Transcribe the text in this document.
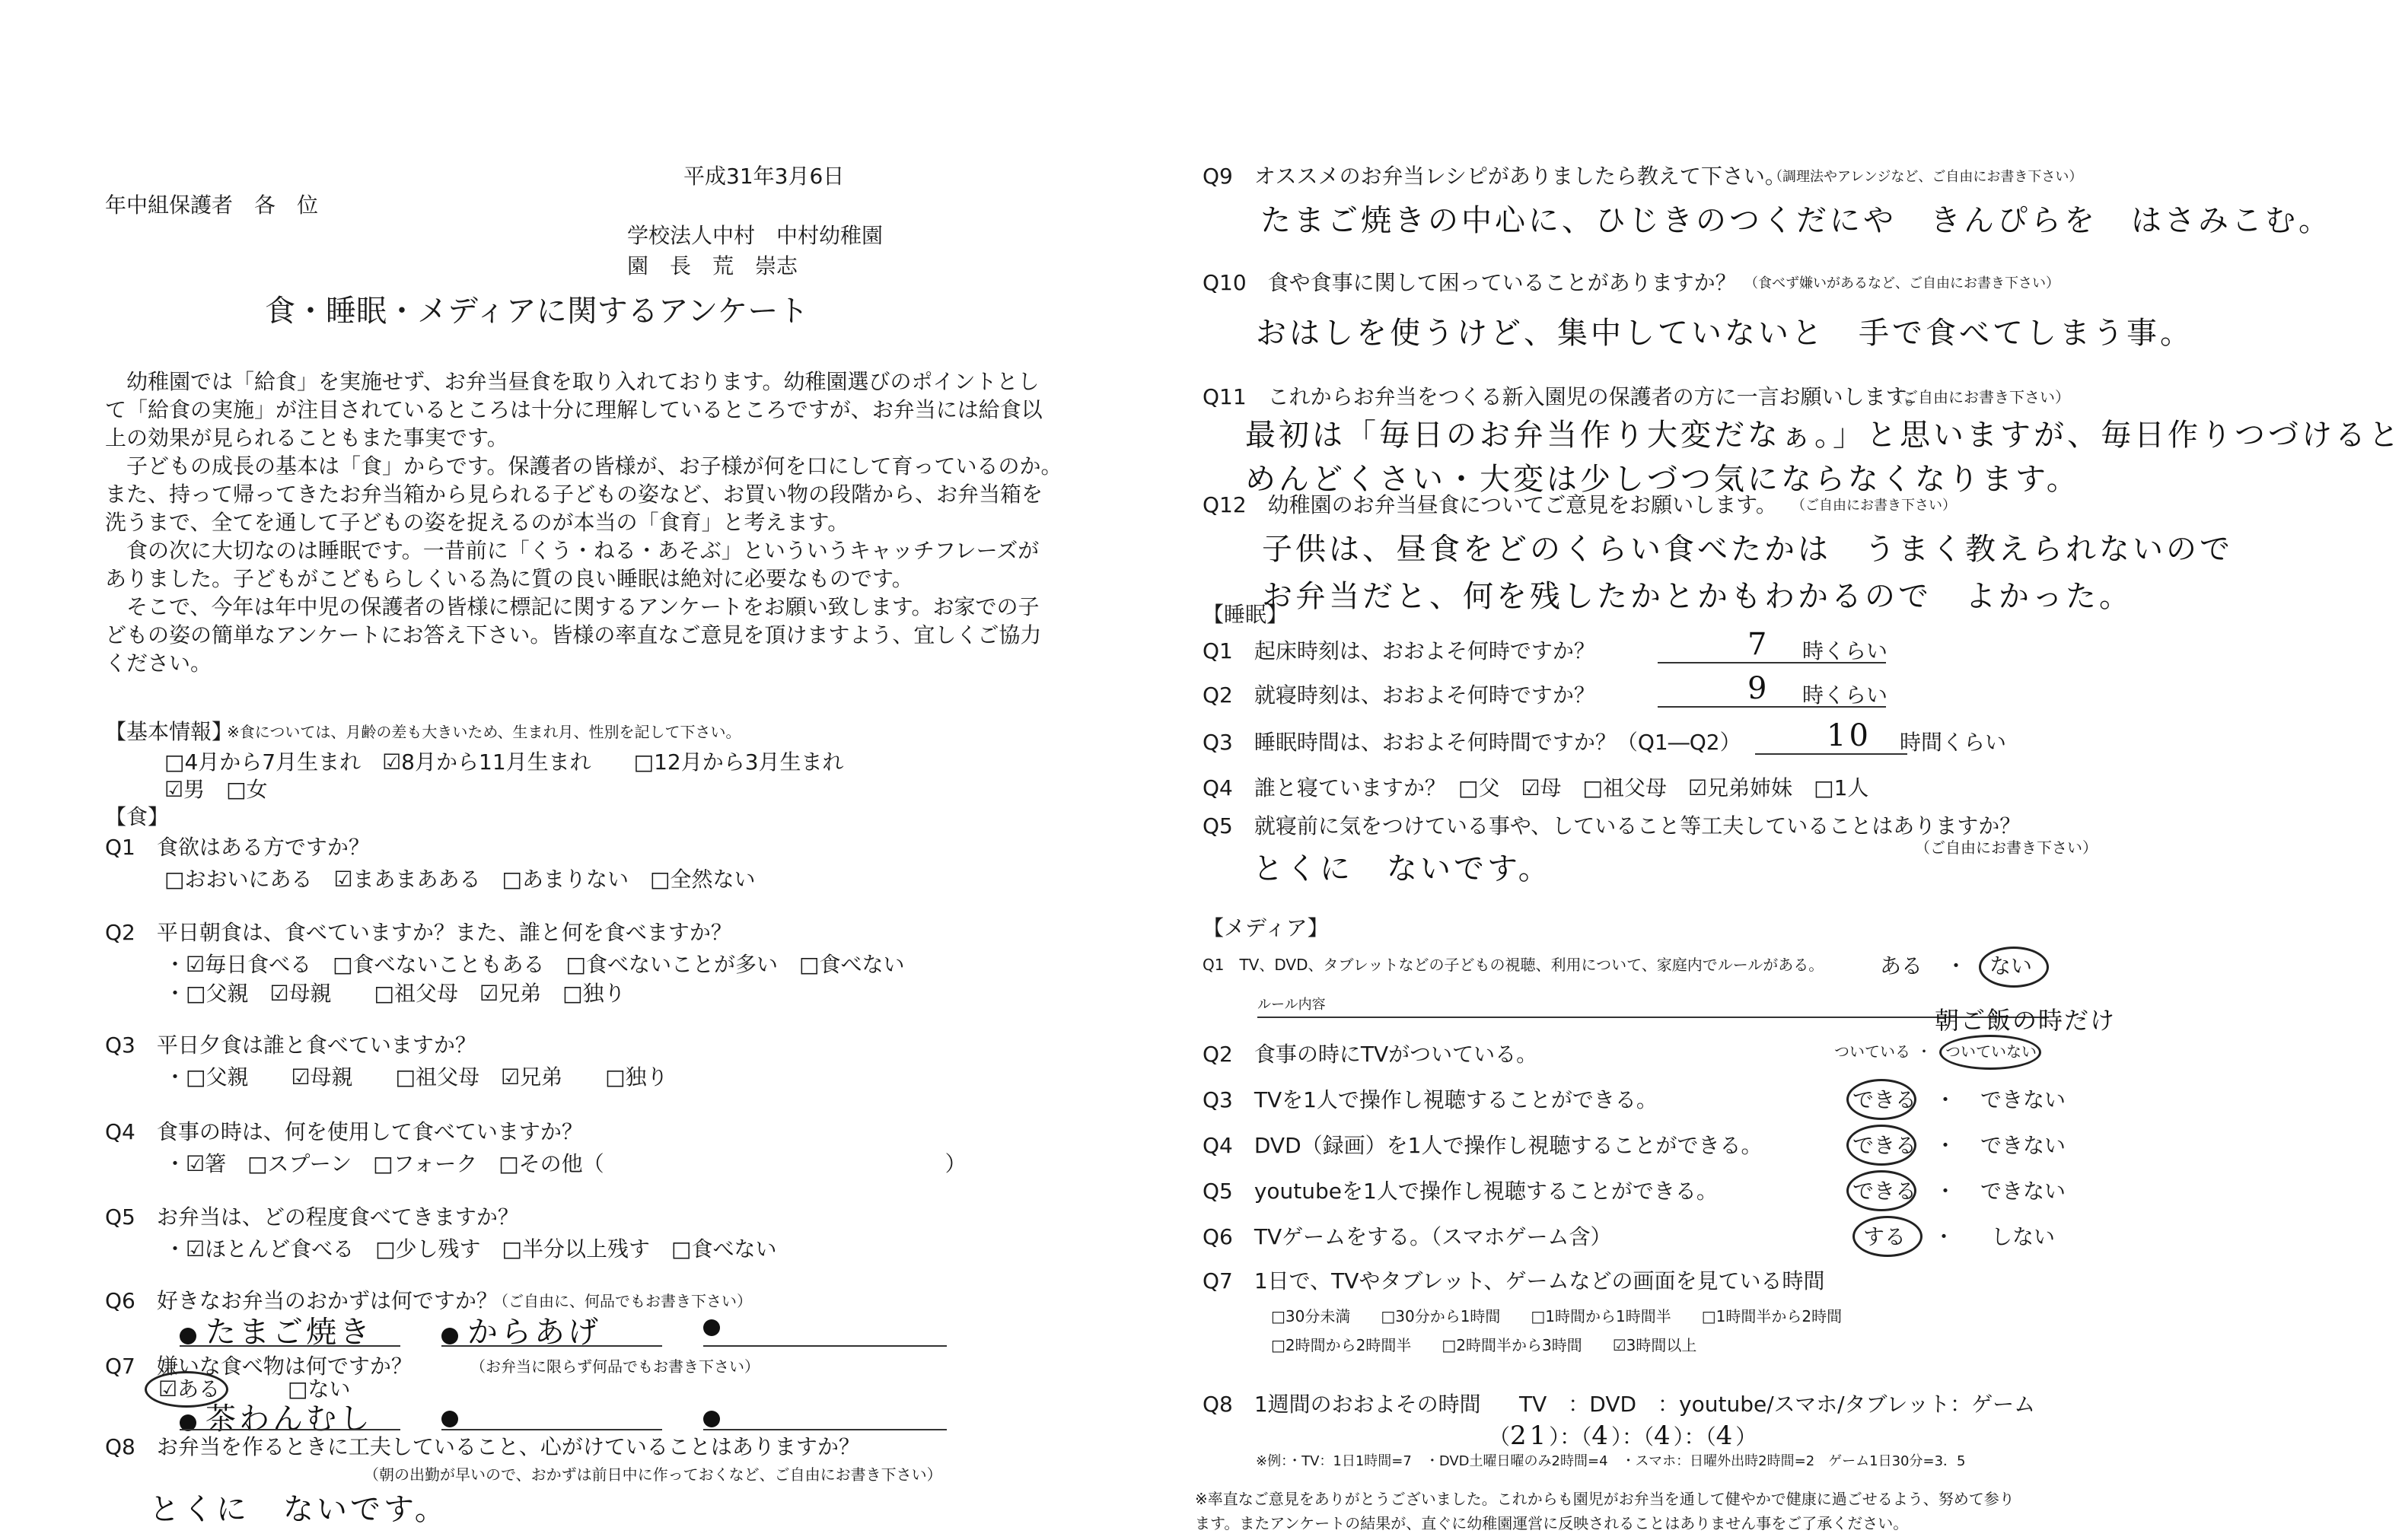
平成31年3月6日
年中組保護者　各　位
学校法人中村　中村幼稚園
園　長　荒　崇志
食・睡眠・メディアに関するアンケート
　幼稚園では「給食」を実施せず、お弁当昼食を取り入れております。幼稚園選びのポイントとし
て「給食の実施」が注目されているところは十分に理解しているところですが、お弁当には給食以
上の効果が見られることもまた事実です。
　子どもの成長の基本は「食」からです。保護者の皆様が、お子様が何を口にして育っているのか。
また、持って帰ってきたお弁当箱から見られる子どもの姿など、お買い物の段階から、お弁当箱を
洗うまで、全てを通して子どもの姿を捉えるのが本当の「食育」と考えます。
　食の次に大切なのは睡眠です。一昔前に「くう・ねる・あそぶ」といういうキャッチフレーズが
ありました。子どもがこどもらしくいる為に質の良い睡眠は絶対に必要なものです。
　そこで、今年は年中児の保護者の皆様に標記に関するアンケートをお願い致します。お家での子
どもの姿の簡単なアンケートにお答え下さい。皆様の率直なご意見を頂けますよう、宜しくご協力
ください。
【基本情報】
※食については、月齢の差も大きいため、生まれ月、性別を記して下さい。
□4月から7月生まれ　☑8月から11月生まれ　　□12月から3月生まれ
☑男　□女
【食】
Q1　食欲はある方ですか？
□おおいにある　☑まあまあある　□あまりない　□全然ない
Q2　平日朝食は、食べていますか？また、誰と何を食べますか？
・☑毎日食べる　□食べないこともある　□食べないことが多い　□食べない
・□父親　☑母親　　□祖父母　☑兄弟　□独り
Q3　平日夕食は誰と食べていますか？
・□父親　　☑母親　　□祖父母　☑兄弟　　□独り
Q4　食事の時は、何を使用して食べていますか？
・☑箸　□スプーン　□フォーク　□その他（　　　　　　　　　　　　　　　　）
Q5　お弁当は、どの程度食べてきますか？
・☑ほとんど食べる　□少し残す　□半分以上残す　□食べない
Q6　好きなお弁当のおかずは何ですか？
（ご自由に、何品でもお書き下さい）
たまご焼き	からあげ
Q7　嫌いな食べ物は何ですか？	（お弁当に限らず何品でもお書き下さい）
☑ある	□ない
茶わんむし
Q8　お弁当を作るときに工夫していること、心がけていることはありますか？
（朝の出勤が早いので、おかずは前日中に作っておくなど、ご自由にお書き下さい）
とくに　ないです。
Q9　オススメのお弁当レシピがありましたら教えて下さい。
（調理法やアレンジなど、ご自由にお書き下さい）
たまご焼きの中心に、ひじきのつくだにや　きんぴらを　はさみこむ。
Q10　食や食事に関して困っていることがありますか？ （食べず嫌いがあるなど、ご自由にお書き下さい）
おはしを使うけど、集中していないと　手で食べてしまう事。
Q11　これからお弁当をつくる新入園児の保護者の方に一言お願いします。
（ご自由にお書き下さい）
最初は「毎日のお弁当作り大変だなぁ。」と思いますが、毎日作りつづけると
めんどくさい・大変は少しづつ気にならなくなります。
Q12　幼稚園のお弁当昼食についてご意見をお願いします。 （ご自由にお書き下さい）
子供は、昼食をどのくらい食べたかは　うまく教えられないので
お弁当だと、何を残したかとかもわかるので　よかった。
【睡眠】
Q1　起床時刻は、おおよそ何時ですか？	7 時くらい
Q2　就寝時刻は、おおよそ何時ですか？	9 時くらい
Q3　睡眠時間は、おおよそ何時間ですか？（Q1―Q2）	10 時間くらい
Q4　誰と寝ていますか？ □父　☑母　□祖父母　☑兄弟姉妹　□1人
Q5　就寝前に気をつけている事や、していること等工夫していることはありますか？
（ご自由にお書き下さい）
とくに　ないです。
【メディア】
Q1　TV、DVD、タブレットなどの子どもの視聴、利用について、家庭内でルールがある。	ある ・ ない
ルール内容
Q2　食事の時にTVがついている。
朝ご飯の時だけ
ついている ・ ついていない
Q3　TVを1人で操作し視聴することができる。	できる ・ できない
Q4　DVD（録画）を1人で操作し視聴することができる。	できる ・ できない
Q5　youtubeを1人で操作し視聴することができる。	できる ・ できない
Q6　TVゲームをする。（スマホゲーム含）	する ・ しない
Q7　1日で、TVやタブレット、ゲームなどの画面を見ている時間
□30分未満　　□30分から1時間　　□1時間から1時間半　　□1時間半から2時間
□2時間から2時間半　　□2時間半から3時間　　☑3時間以上
Q8　1週間のおおよその時間 TV　：DVD　：youtube/スマホ/タブレット：ゲーム
（21）：（4）：（4）：（4）
※例：・TV：1日1時間=7　・DVD土曜日曜のみ2時間=4　・スマホ：日曜外出時2時間=2　ゲーム1日30分=3．5
※率直なご意見をありがとうございました。これからも園児がお弁当を通して健やかで健康に過ごせるよう、努めて参り
ます。またアンケートの結果が、直ぐに幼稚園運営に反映されることはありません事をご了承ください。
